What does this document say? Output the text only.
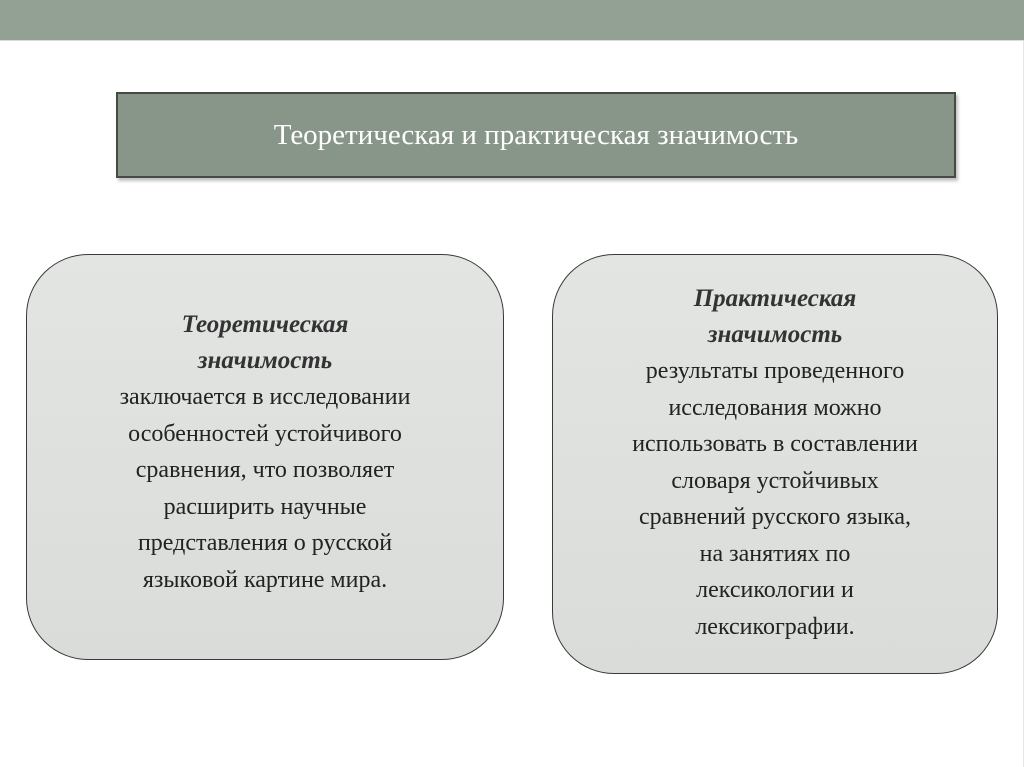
Теоретическая и практическая значимость
Теоретическая
значимость
заключается в исследовании
особенностей устойчивого
сравнения, что позволяет
расширить научные
представления о русской
языковой картине мира.
Практическая
значимость
результаты проведенного
исследования можно
использовать в составлении
словаря устойчивых
сравнений русского языка,
на занятиях по
лексикологии и
лексикографии.
